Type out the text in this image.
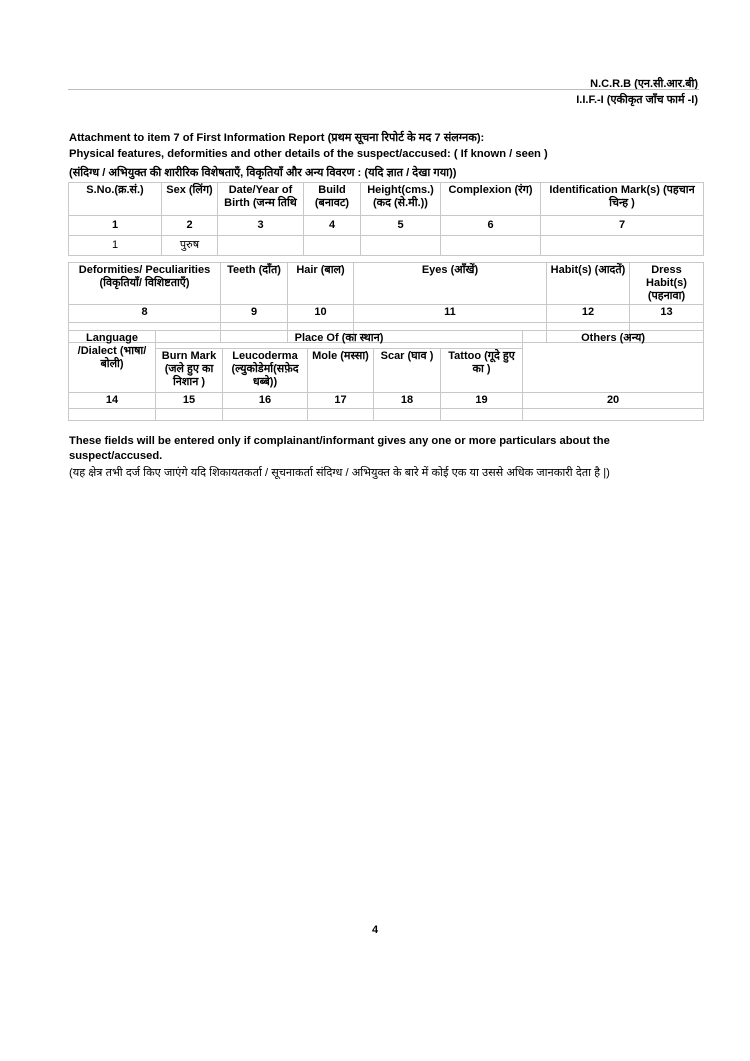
N.C.R.B (एन.सी.आर.बी)
I.I.F.-I (एकीकृत जाँच फार्म -I)
Attachment to item 7 of First Information Report (प्रथम सूचना रिपोर्ट के मद 7 संलग्नक):
Physical features, deformities and other details of the suspect/accused: ( If known / seen )
(संदिग्ध / अभियुक्त की शारीरिक विशेषताएँ, विकृतियाँ और अन्य विवरण : (यदि ज्ञात / देखा गया))
S.No.(क्र.सं.)	Sex (लिंग)	Date/Year of Birth (जन्म तिथि	Build (बनावट)	Height(cms.) (कद (से.मी.))	Complexion (रंग)	Identification Mark(s) (पहचान चिन्ह )
1	2	3	4	5	6	7
1	पुरुष					
Deformities/ Peculiarities (विकृतियाँ/ विशिष्टताएँ)	Teeth (दाँत)	Hair (बाल)	Eyes (आँखें)	Habit(s) (आदतें)	Dress Habit(s) (पहनावा)
8	9	10	11	12	13

Language /Dialect (भाषा/बोली)	Place Of (का स्थान)					Others (अन्य)
	Burn Mark (जले हुए का निशान )	Leucoderma (ल्युकोडेर्मा(सफ़ेद धब्बे))	Mole (मस्सा)	Scar (घाव )	Tattoo (गूदे हुए का )	
14	15	16	17	18	19	20

These fields will be entered only if complainant/informant gives any one or more particulars about the suspect/accused.
(यह क्षेत्र तभी दर्ज किए जाएंगे यदि शिकायतकर्ता / सूचनाकर्ता संदिग्ध / अभियुक्त के बारे में कोई एक या उससे अधिक जानकारी देता है |)
4
